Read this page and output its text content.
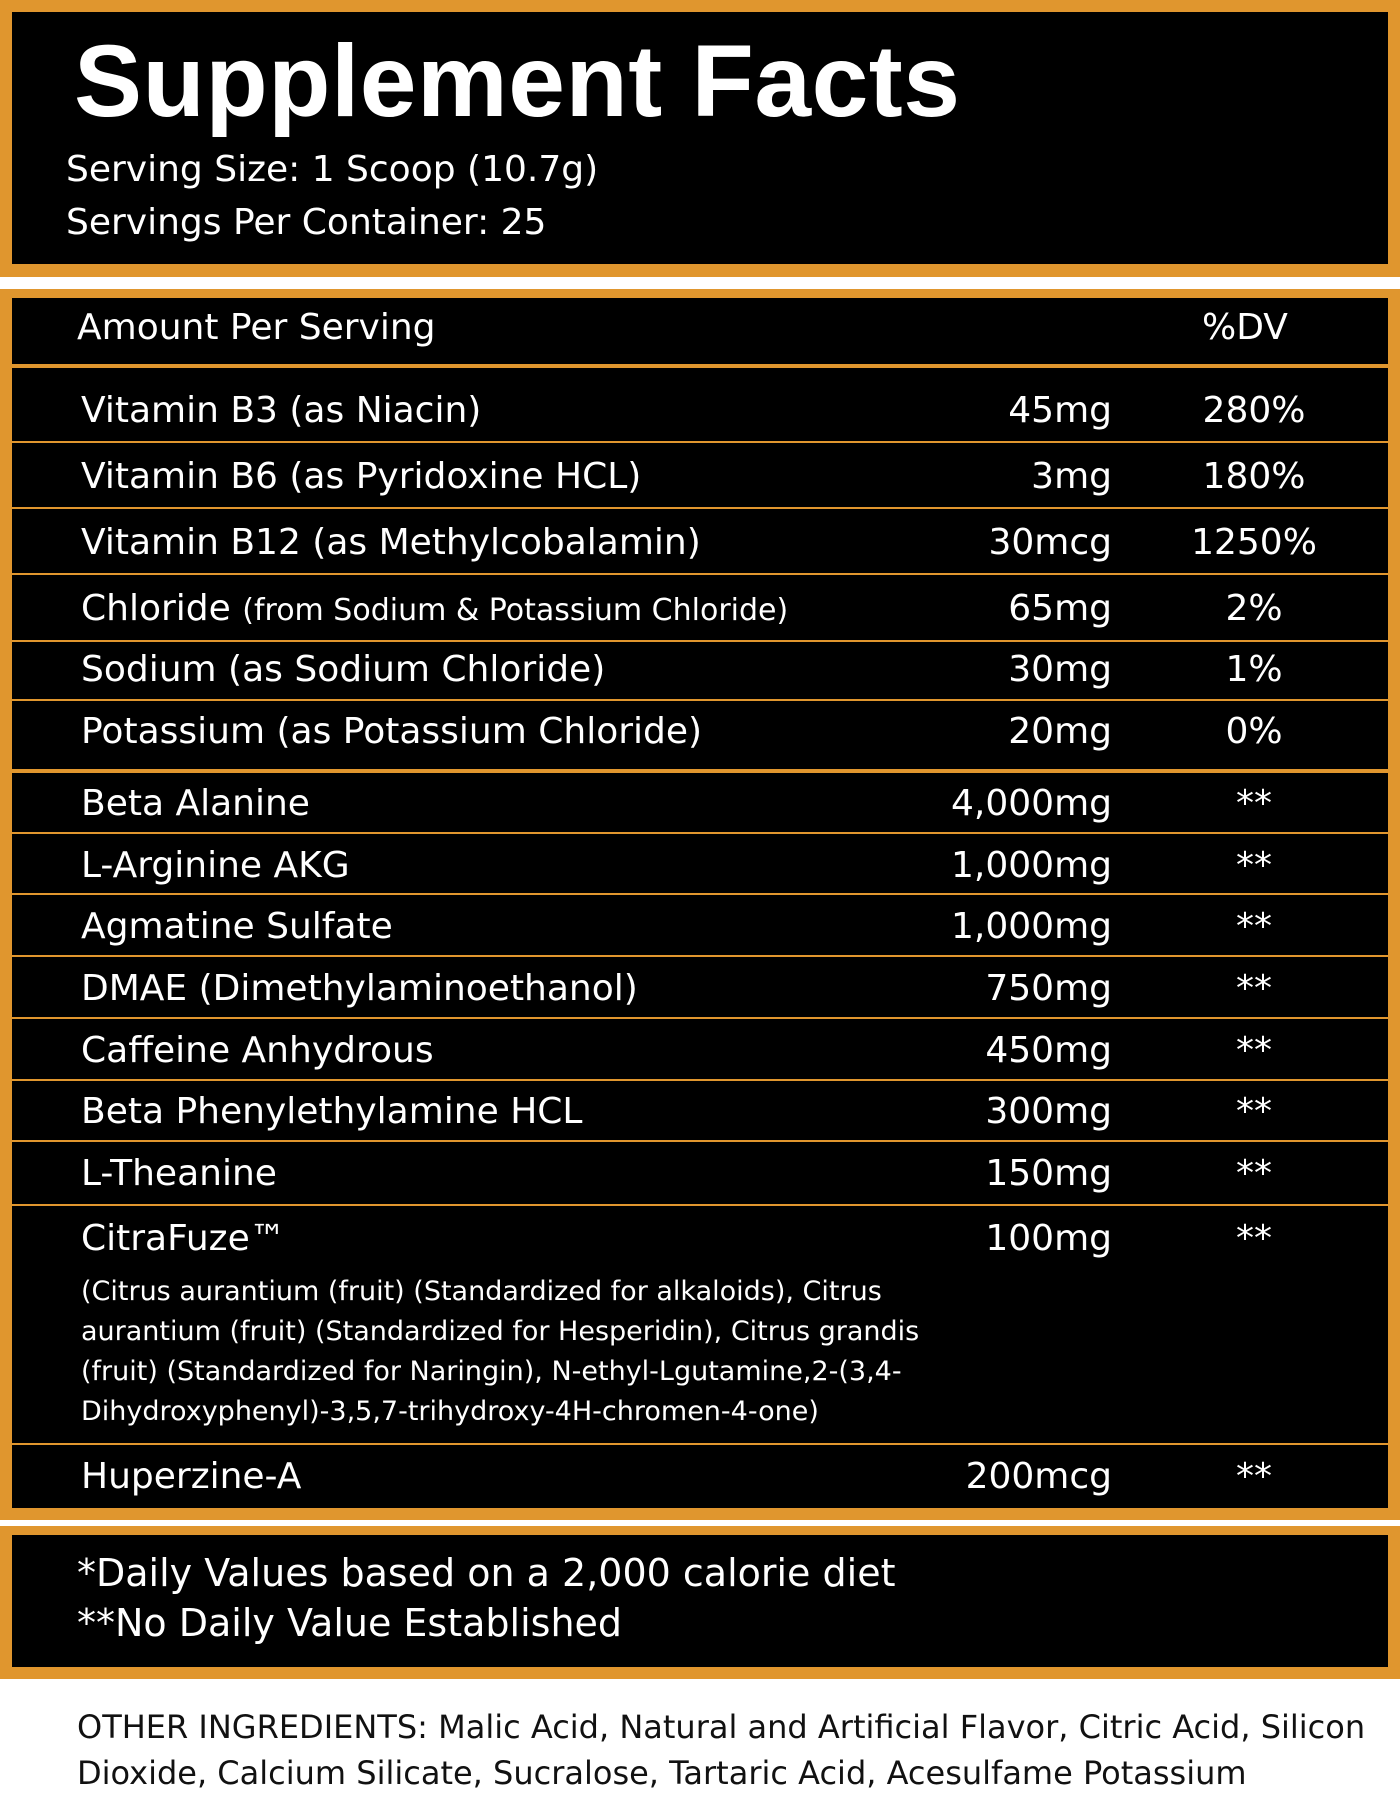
Supplement Facts
Serving Size: 1 Scoop (10.7g)
Servings Per Container: 25
Amount Per Serving	%DV
Vitamin B3 (as Niacin)	45mg	280%
Vitamin B6 (as Pyridoxine HCL)	3mg	180%
Vitamin B12 (as Methylcobalamin)	30mcg 1250%
Chloride (from Sodium & Potassium Chloride)	65mg	2%
Sodium (as Sodium Chloride)	30mg	1%
Potassium (as Potassium Chloride)	20mg	0%
Beta Alanine	4,000mg	**
L-Arginine AKG	1,000mg	**
Agmatine Sulfate	1,000mg	**
DMAE (Dimethylaminoethanol)	750mg	**
Caffeine Anhydrous	450mg	**
Beta Phenylethylamine HCL	300mg	**
L-Theanine	150mg	**
CitraFuze™	100mg	**
(Citrus aurantium (fruit) (Standardized for alkaloids), Citrus aurantium (fruit) (Standardized for Hesperidin), Citrus grandis (fruit) (Standardized for Naringin), N-ethyl-Lgutamine,2-(3,4-Dihydroxyphenyl)-3,5,7-trihydroxy-4H-chromen-4-one)
Huperzine-A	200mcg	**
*Daily Values based on a 2,000 calorie diet
**No Daily Value Established
OTHER INGREDIENTS: Malic Acid, Natural and Artificial Flavor, Citric Acid, Silicon Dioxide, Calcium Silicate, Sucralose, Tartaric Acid, Acesulfame Potassium
